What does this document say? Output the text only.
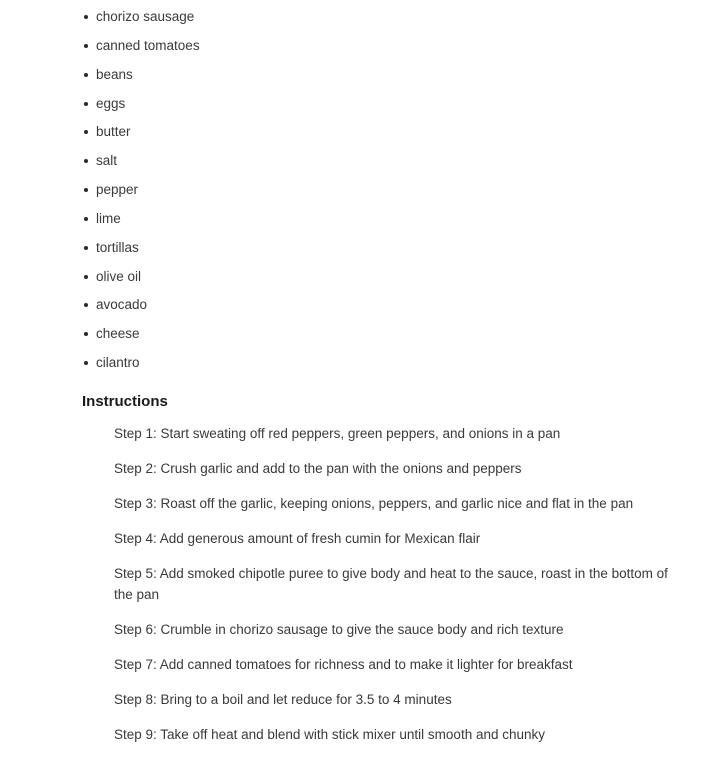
chorizo sausage
canned tomatoes
beans
eggs
butter
salt
pepper
lime
tortillas
olive oil
avocado
cheese
cilantro
Instructions

Step 1: Start sweating off red peppers, green peppers, and onions in a pan

Step 2: Crush garlic and add to the pan with the onions and peppers

Step 3: Roast off the garlic, keeping onions, peppers, and garlic nice and flat in the pan

Step 4: Add generous amount of fresh cumin for Mexican flair

Step 5: Add smoked chipotle puree to give body and heat to the sauce, roast in the bottom of the pan

Step 6: Crumble in chorizo sausage to give the sauce body and rich texture

Step 7: Add canned tomatoes for richness and to make it lighter for breakfast

Step 8: Bring to a boil and let reduce for 3.5 to 4 minutes

Step 9: Take off heat and blend with stick mixer until smooth and chunky
